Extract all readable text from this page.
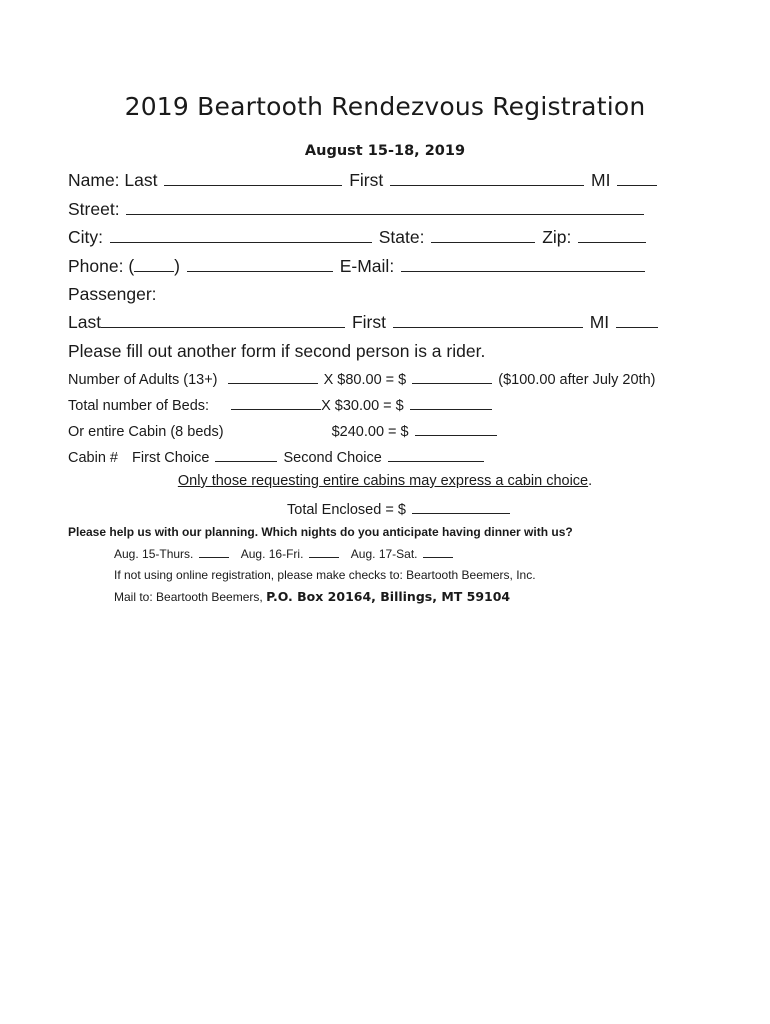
2019 Beartooth Rendezvous Registration
August 15-18, 2019
Name: Last	First	MI
Street:
City:	State:	Zip:
Phone: ( )	E-Mail:
Passenger:
Last	First	MI
Please fill out another form if second person is a rider.
Number of Adults (13+)	X $80.00 = $	($100.00 after July 20th)
Total number of Beds:	X $30.00 = $
Or entire Cabin (8 beds)	$240.00 = $
Cabin # First Choice	Second Choice
Only those requesting entire cabins may express a cabin choice.
Total Enclosed = $
Please help us with our planning. Which nights do you anticipate having dinner with us?
Aug. 15-Thurs.	Aug. 16-Fri.	Aug. 17-Sat.
If not using online registration, please make checks to: Beartooth Beemers, Inc.
Mail to: Beartooth Beemers, P.O. Box 20164, Billings, MT 59104
